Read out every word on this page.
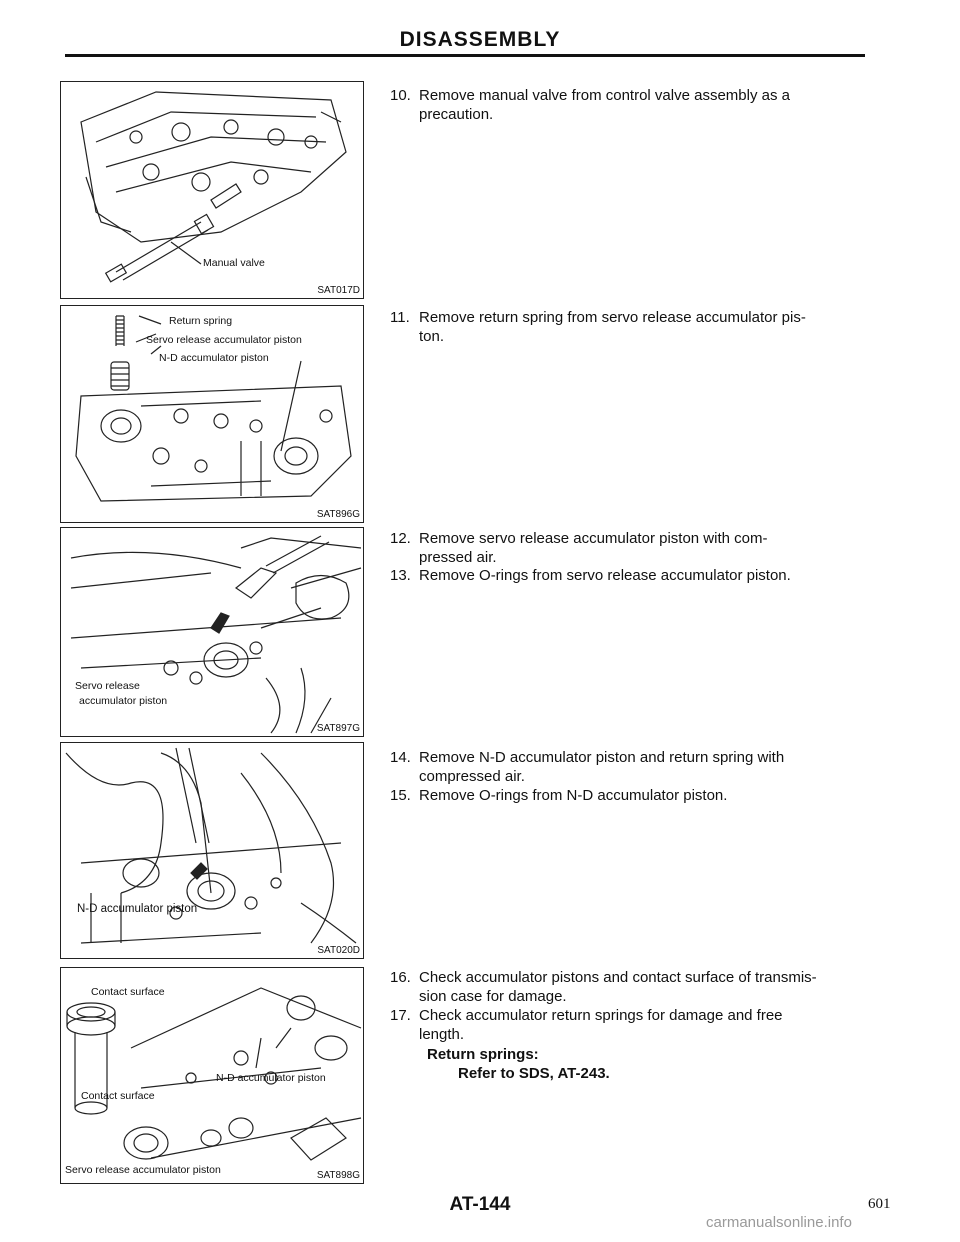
DISASSEMBLY
Manual valve
SAT017D
Return spring
Servo release accumulator piston
N-D accumulator piston
SAT896G
Servo release
accumulator piston
SAT897G
N-D accumulator piston
SAT020D
Contact surface
N-D accumulator piston
Contact surface
Servo release accumulator piston	SAT898G
10. Remove manual valve from control valve assembly as a
precaution.
11. Remove return spring from servo release accumulator pis-
ton.
12. Remove servo release accumulator piston with com-
pressed air.
13. Remove O-rings from servo release accumulator piston.
14. Remove N-D accumulator piston and return spring with
compressed air.
15. Remove O-rings from N-D accumulator piston.
16. Check accumulator pistons and contact surface of transmis-
sion case for damage.
17. Check accumulator return springs for damage and free
length.
Return springs:
Refer to SDS, AT-243.
AT-144	601
carmanualsonline.info
